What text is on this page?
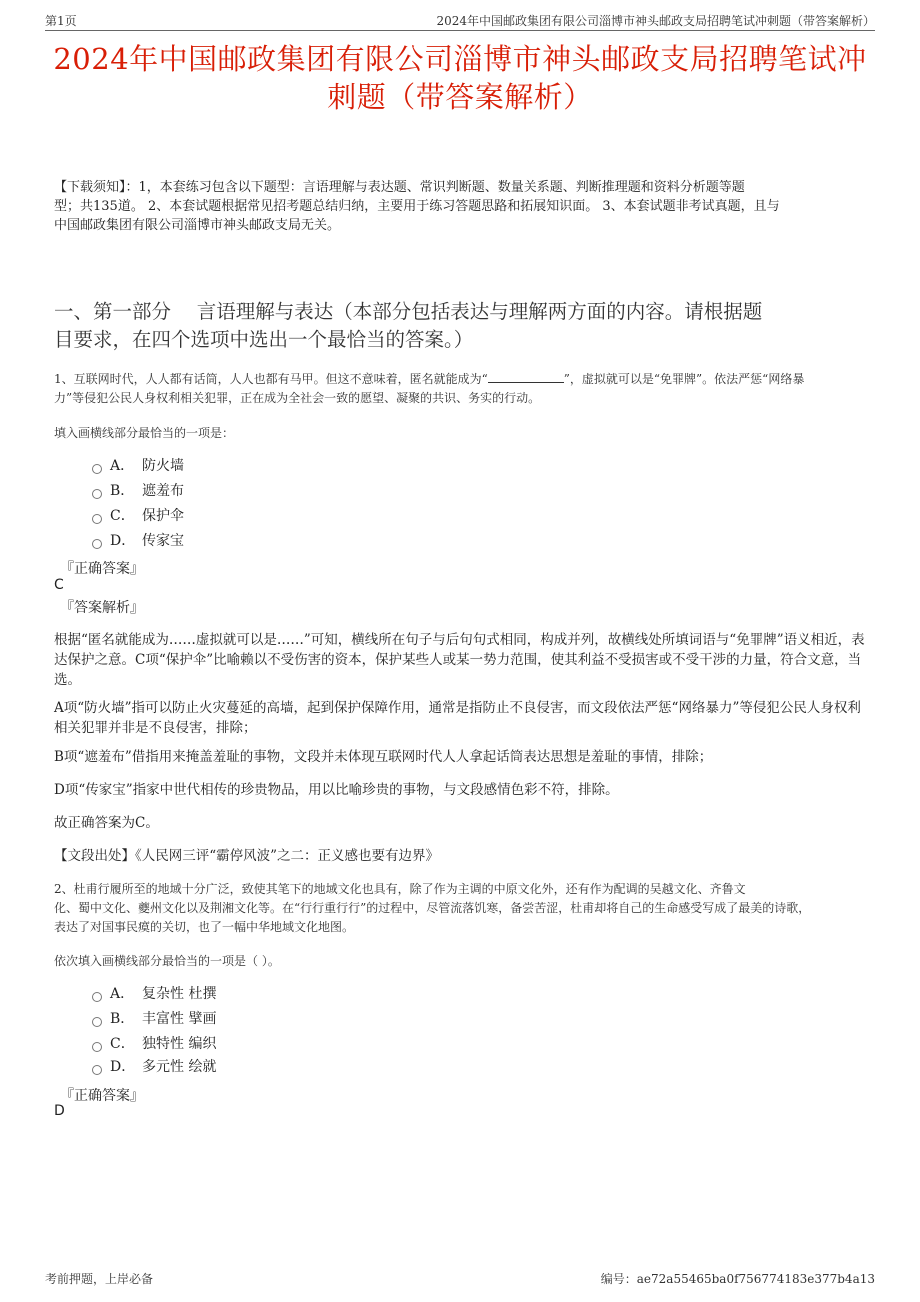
第1页	2024年中国邮政集团有限公司淄博市神头邮政支局招聘笔试冲刺题（带答案解析）
2024年中国邮政集团有限公司淄博市神头邮政支局招聘笔试冲
刺题（带答案解析）
【下载须知】：1，本套练习包含以下题型：言语理解与表达题、常识判断题、数量关系题、判断推理题和资料分析题等题
型；共135道。 2、本套试题根据常见招考题总结归纳，主要用于练习答题思路和拓展知识面。 3、本套试题非考试真题，且与
中国邮政集团有限公司淄博市神头邮政支局无关。
一、第一部分　 言语理解与表达（本部分包括表达与理解两方面的内容。请根据题
目要求，在四个选项中选出一个最恰当的答案。）
1、互联网时代，人人都有话筒，人人也都有马甲。但这不意味着，匿名就能成为“	”，虚拟就可以是“免罪牌”。依法严惩“网络暴
力”等侵犯公民人身权利相关犯罪，正在成为全社会一致的愿望、凝聚的共识、务实的行动。
填入画横线部分最恰当的一项是：
A． 防火墙
B． 遮羞布
C． 保护伞
D． 传家宝
『正确答案』
C
『答案解析』
根据“匿名就能成为……虚拟就可以是……”可知，横线所在句子与后句句式相同，构成并列，故横线处所填词语与“免罪牌”语义相近，表达保护之意。C项“保护伞”比喻赖以不受伤害的资本，保护某些人或某一势力范围，使其利益不受损害或不受干涉的力量，符合文意，当选。
A项“防火墙”指可以防止火灾蔓延的高墙，起到保护保障作用，通常是指防止不良侵害，而文段依法严惩“网络暴力”等侵犯公民人身权利相关犯罪并非是不良侵害，排除；
B项“遮羞布”借指用来掩盖羞耻的事物，文段并未体现互联网时代人人拿起话筒表达思想是羞耻的事情，排除；
D项“传家宝”指家中世代相传的珍贵物品，用以比喻珍贵的事物，与文段感情色彩不符，排除。
故正确答案为C。
【文段出处】《人民网三评“霸停风波”之二：正义感也要有边界》
2、杜甫行履所至的地域十分广泛，致使其笔下的地域文化也具有，除了作为主调的中原文化外，还有作为配调的吴越文化、齐鲁文
化、蜀中文化、夔州文化以及荆湘文化等。在“行行重行行”的过程中，尽管流落饥寒，备尝苦涩，杜甫却将自己的生命感受写成了最美的诗歌，
表达了对国事民瘼的关切，也了一幅中华地域文化地图。
依次填入画横线部分最恰当的一项是（ ）。
A． 复杂性 杜撰
B． 丰富性 擘画
C． 独特性 编织
D． 多元性 绘就
『正确答案』
D
考前押题，上岸必备	编号：ae72a55465ba0f756774183e377b4a13
